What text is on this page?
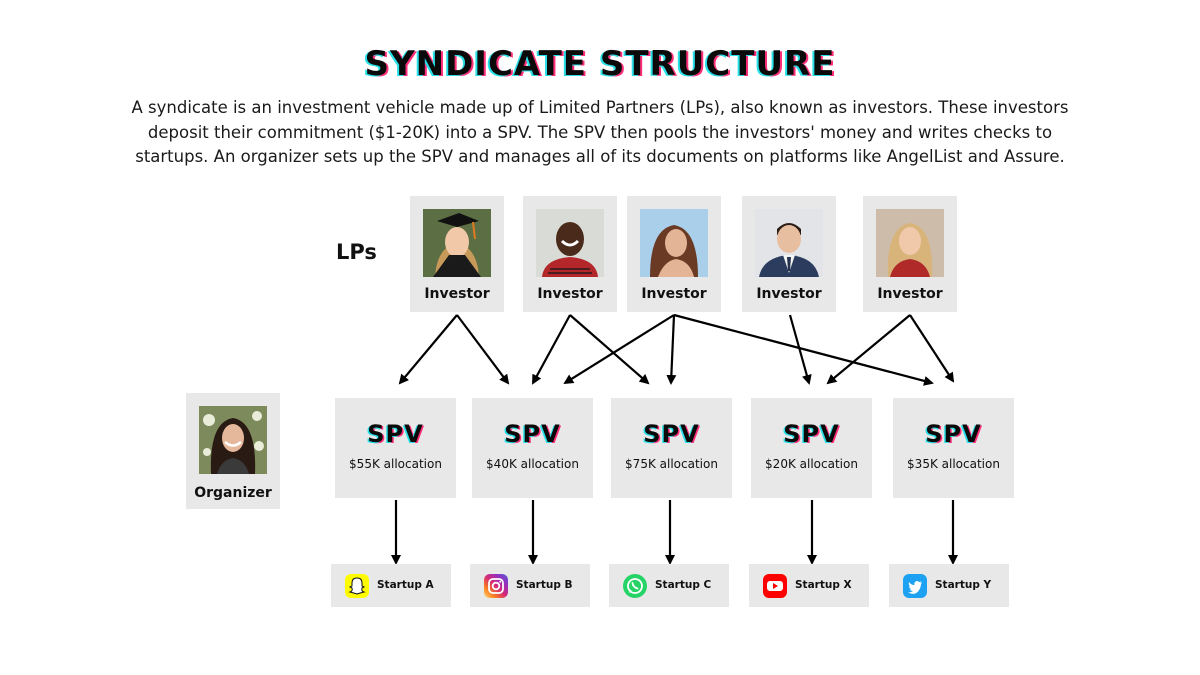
SYNDICATE STRUCTURE
A syndicate is an investment vehicle made up of Limited Partners (LPs), also known as investors. These investors deposit their commitment ($1-20K) into a SPV. The SPV then pools the investors' money and writes checks to startups. An organizer sets up the SPV and manages all of its documents on platforms like AngelList and Assure.
LPs
Investor	Investor	Investor	Investor	Investor
Organizer
SPV
$55K allocation
SPV
$40K allocation
SPV
$75K allocation
SPV
$20K allocation
SPV
$35K allocation
Startup A	Startup B	Startup C	Startup X	Startup Y
